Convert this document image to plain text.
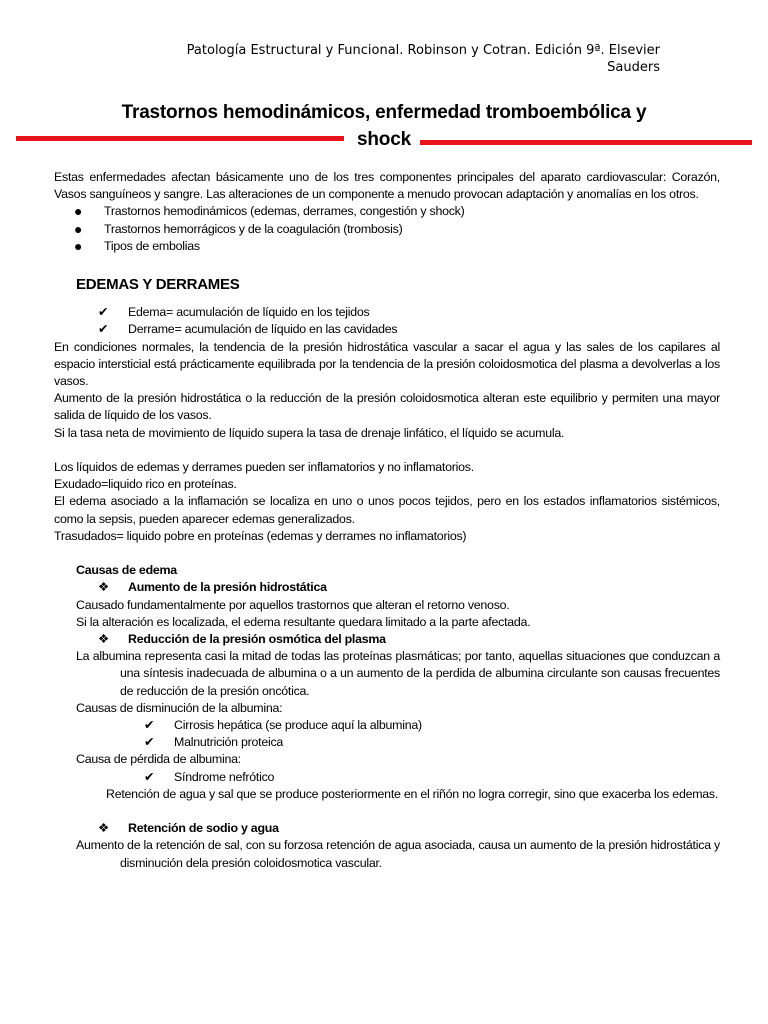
Patología Estructural y Funcional. Robinson y Cotran. Edición 9ª. Elsevier Sauders
Trastornos hemodinámicos, enfermedad tromboembólica y
shock

Estas enfermedades afectan básicamente uno de los tres componentes principales del aparato cardiovascular: Corazón, Vasos sanguíneos y sangre. Las alteraciones de un componente a menudo provocan adaptación y anomalías en los otros.

●	Trastornos hemodinámicos (edemas, derrames, congestión y shock)
●	Trastornos hemorrágicos y de la coagulación (trombosis)
●	Tipos de embolias
EDEMAS Y DERRAMES
✔	Edema= acumulación de líquido en los tejidos
✔	Derrame= acumulación de líquido en las cavidades

En condiciones normales, la tendencia de la presión hidrostática vascular a sacar el agua y las sales de los capilares al espacio intersticial está prácticamente equilibrada por la tendencia de la presión coloidosmotica del plasma a devolverlas a los vasos.

Aumento de la presión hidrostática o la reducción de la presión coloidosmotica alteran este equilibrio y permiten una mayor salida de líquido de los vasos.

Si la tasa neta de movimiento de líquido supera la tasa de drenaje linfático, el líquido se acumula.

Los líquidos de edemas y derrames pueden ser inflamatorios y no inflamatorios.

Exudado=liquido rico en proteínas.

El edema asociado a la inflamación se localiza en uno o unos pocos tejidos, pero en los estados inflamatorios sistémicos, como la sepsis, pueden aparecer edemas generalizados.

Trasudados= liquido pobre en proteínas (edemas y derrames no inflamatorios)

Causas de edema

❖	Aumento de la presión hidrostática

Causado fundamentalmente por aquellos trastornos que alteran el retorno venoso.

Si la alteración es localizada, el edema resultante quedara limitado a la parte afectada.

❖	Reducción de la presión osmótica del plasma

La albumina representa casi la mitad de todas las proteínas plasmáticas; por tanto, aquellas situaciones que conduzcan a una síntesis inadecuada de albumina o a un aumento de la perdida de albumina circulante son causas frecuentes de reducción de la presión oncótica.

Causas de disminución de la albumina:

✔	Cirrosis hepática (se produce aquí la albumina)
✔	Malnutrición proteica

Causa de pérdida de albumina:

✔	Síndrome nefrótico

Retención de agua y sal que se produce posteriormente en el riñón no logra corregir, sino que exacerba los edemas.

❖	Retención de sodio y agua

Aumento de la retención de sal, con su forzosa retención de agua asociada, causa un aumento de la presión hidrostática y disminución dela presión coloidosmotica vascular.
